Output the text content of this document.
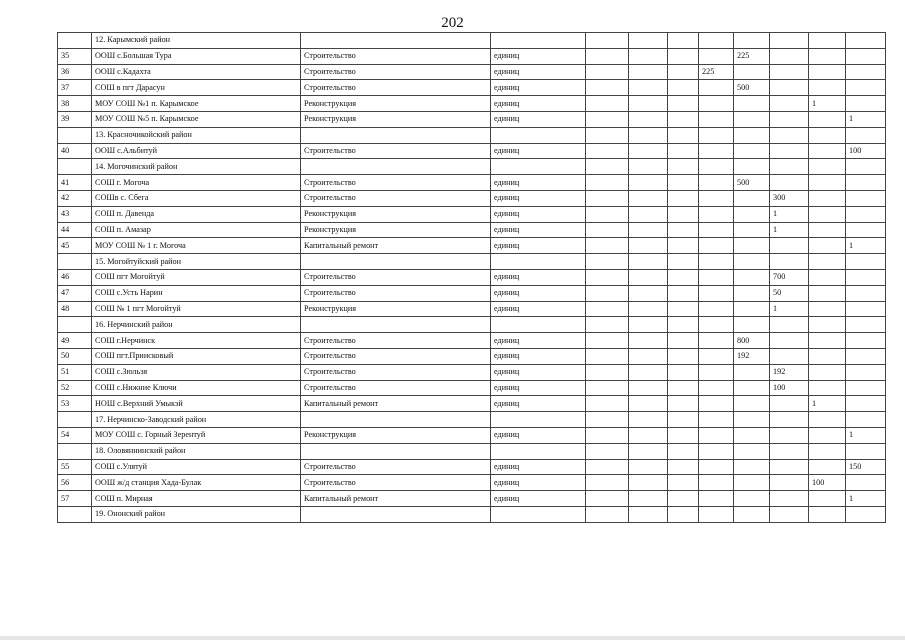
202
	12. Карымский район										
35	ООШ с.Большая Тура	Строительство	единиц					225			
36	ООШ с.Кадахта	Строительство	единиц				225				
37	СОШ в пгт Дарасун	Строительство	единиц					500			
38	МОУ СОШ №1 п. Карымское	Реконструкция	единиц							1	
39	МОУ СОШ №5 п. Карымское	Реконструкция	единиц								1
	13. Красночикойский район										
40	ООШ с.Альбитуй	Строительство	единиц								100
	14. Могочинский район										
41	СОШ г. Могоча	Строительство	единиц					500			
42	СОШв с. Сбега	Строительство	единиц						300		
43	СОШ п. Давенда	Реконструкция	единиц						1		
44	СОШ п. Амазар	Реконструкция	единиц						1		
45	МОУ СОШ № 1 г. Могоча	Капитальный ремонт	единиц								1
	15. Могойтуйский район										
46	СОШ пгт Могойтуй	Строительство	единиц						700		
47	СОШ с.Усть Нарин	Строительство	единиц						50		
48	СОШ № 1 пгт Могойтуй	Реконструкция	единиц						1		
	16. Нерчинский район										
49	СОШ г.Нерчинск	Строительство	единиц					800			
50	СОШ пгт.Приисковый	Строительство	единиц					192			
51	СОШ с.Зюльзя	Строительство	единиц						192		
52	СОШ с.Нижние Ключи	Строительство	единиц						100		
53	НОШ с.Верхний Умыкэй	Капитальный ремонт	единиц							1	
	17. Нерчинско-Заводский район										
54	МОУ СОШ с. Горный Зерентуй	Реконструкция	единиц								1
	18. Оловяннинский район										
55	СОШ с.Улятуй	Строительство	единиц								150
56	ООШ ж/д станция Хада-Булак	Строительство	единиц							100	
57	СОШ п. Мирная	Капитальный ремонт	единиц								1
	19. Ононский район										
